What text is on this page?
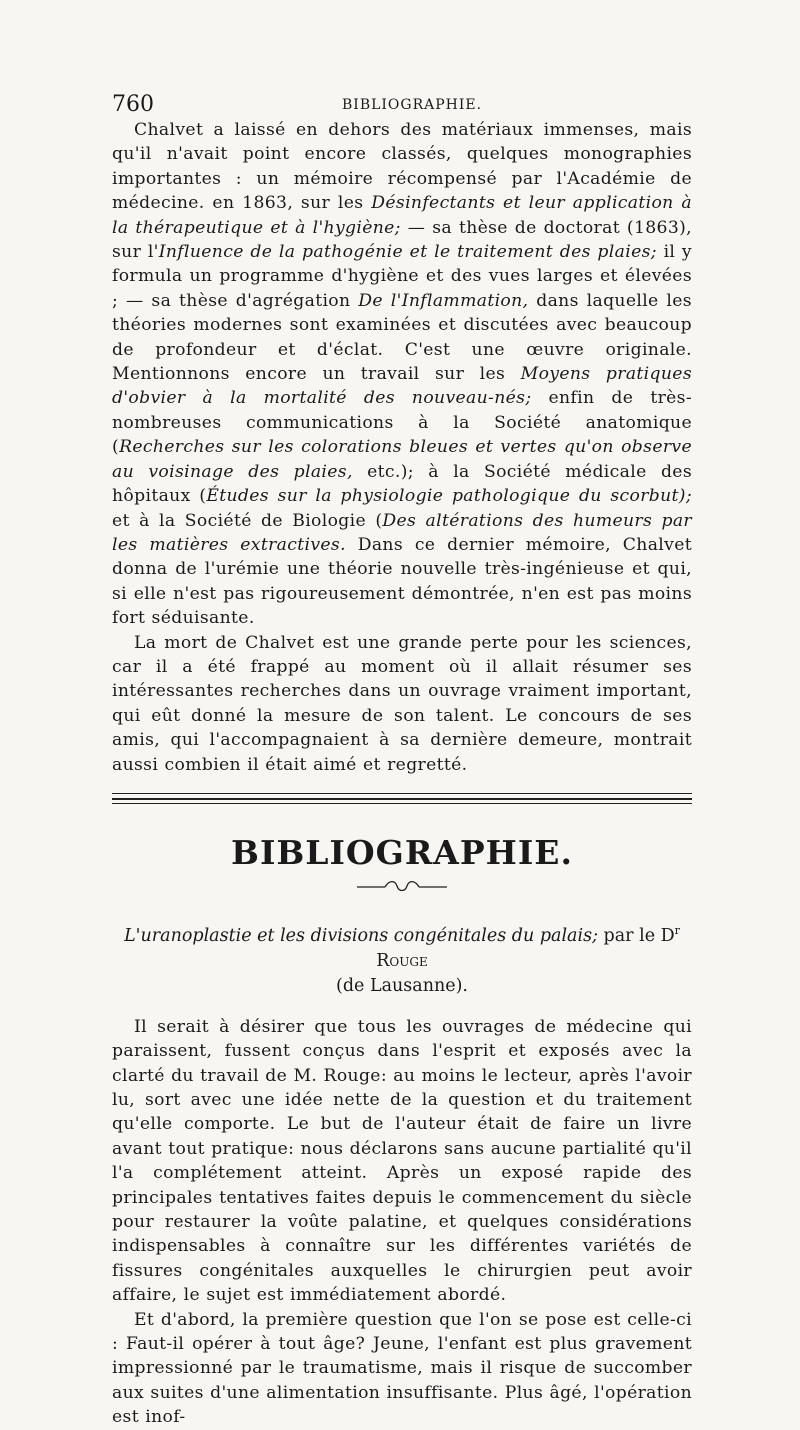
760	BIBLIOGRAPHIE.

Chalvet a laissé en dehors des matériaux immenses, mais qu'il n'avait point encore classés, quelques monographies importantes : un mémoire récompensé par l'Académie de médecine. en 1863, sur les Désinfectants et leur application à la thérapeutique et à l'hygiène; — sa thèse de doctorat (1863), sur l'Influence de la pathogénie et le traitement des plaies; il y formula un programme d'hygiène et des vues larges et élevées ; — sa thèse d'agrégation De l'Inflammation, dans laquelle les théories modernes sont examinées et discutées avec beaucoup de profondeur et d'éclat. C'est une œuvre originale. Mentionnons encore un travail sur les Moyens pratiques d'obvier à la mortalité des nouveau-nés; enfin de très-nombreuses communications à la Société anatomique (Recherches sur les colorations bleues et vertes qu'on observe au voisinage des plaies, etc.); à la Société médicale des hôpitaux (Études sur la physiologie pathologique du scorbut); et à la Société de Biologie (Des altérations des humeurs par les matières extractives. Dans ce dernier mémoire, Chalvet donna de l'urémie une théorie nouvelle très-ingénieuse et qui, si elle n'est pas rigoureusement démontrée, n'en est pas moins fort séduisante.

La mort de Chalvet est une grande perte pour les sciences, car il a été frappé au moment où il allait résumer ses intéressantes recherches dans un ouvrage vraiment important, qui eût donné la mesure de son talent. Le concours de ses amis, qui l'accompagnaient à sa dernière demeure, montrait aussi combien il était aimé et regretté.

BIBLIOGRAPHIE.
L'uranoplastie et les divisions congénitales du palais; par le $D^r$ Rouge
(de Lausanne).

Il serait à désirer que tous les ouvrages de médecine qui paraissent, fussent conçus dans l'esprit et exposés avec la clarté du travail de M. Rouge: au moins le lecteur, après l'avoir lu, sort avec une idée nette de la question et du traitement qu'elle comporte. Le but de l'auteur était de faire un livre avant tout pratique: nous déclarons sans aucune partialité qu'il l'a complétement atteint. Après un exposé rapide des principales tentatives faites depuis le commencement du siècle pour restaurer la voûte palatine, et quelques considérations indispensables à connaître sur les différentes variétés de fissures congénitales auxquelles le chirurgien peut avoir affaire, le sujet est immédiatement abordé.

Et d'abord, la première question que l'on se pose est celle-ci : Faut-il opérer à tout âge? Jeune, l'enfant est plus gravement impressionné par le traumatisme, mais il risque de succomber aux suites d'une alimentation insuffisante. Plus âgé, l'opération est inof-
